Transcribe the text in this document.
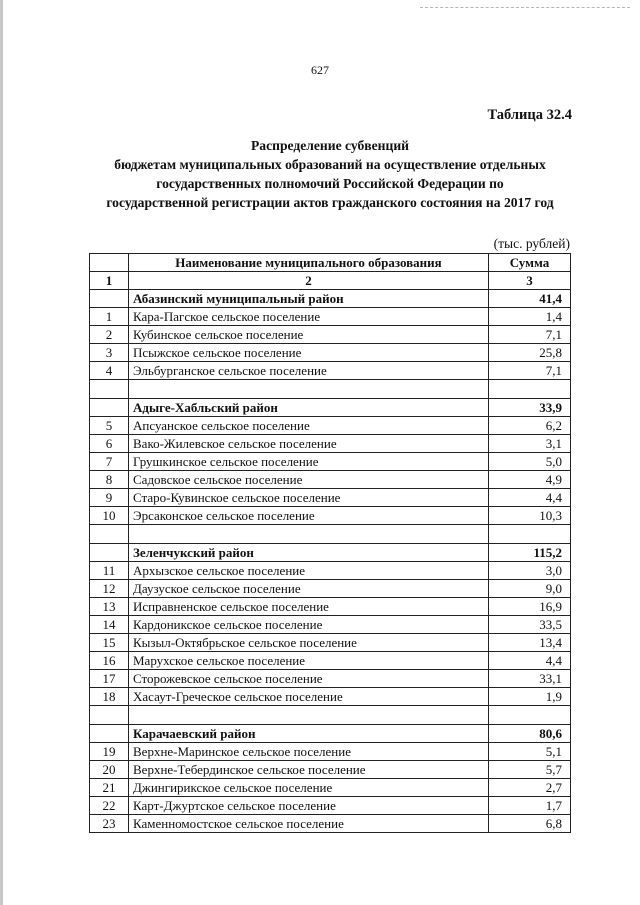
627
Таблица 32.4
Распределение субвенций
бюджетам муниципальных образований на осуществление отдельных
государственных полномочий Российской Федерации по
государственной регистрации актов гражданского состояния на 2017 год
(тыс. рублей)
	Наименование муниципального образования	Сумма
1	2	3
	Абазинский муниципальный район	41,4
1	Кара-Пагское сельское поселение	1,4
2	Кубинское сельское поселение	7,1
3	Псыжское сельское поселение	25,8
4	Эльбурганское сельское поселение	7,1

	Адыге-Хабльский район	33,9
5	Апсуанское сельское поселение	6,2
6	Вако-Жилевское сельское поселение	3,1
7	Грушкинское сельское поселение	5,0
8	Садовское сельское поселение	4,9
9	Старо-Кувинское сельское поселение	4,4
10	Эрсаконское сельское поселение	10,3

	Зеленчукский район	115,2
11	Архызское сельское поселение	3,0
12	Даузуское сельское поселение	9,0
13	Исправненское сельское поселение	16,9
14	Кардоникское сельское поселение	33,5
15	Кызыл-Октябрьское сельское поселение	13,4
16	Марухское сельское поселение	4,4
17	Сторожевское сельское поселение	33,1
18	Хасаут-Греческое сельское поселение	1,9

	Карачаевский район	80,6
19	Верхне-Маринское сельское поселение	5,1
20	Верхне-Тебердинское сельское поселение	5,7
21	Джингирикское сельское поселение	2,7
22	Карт-Джуртское сельское поселение	1,7
23	Каменномостское сельское поселение	6,8
